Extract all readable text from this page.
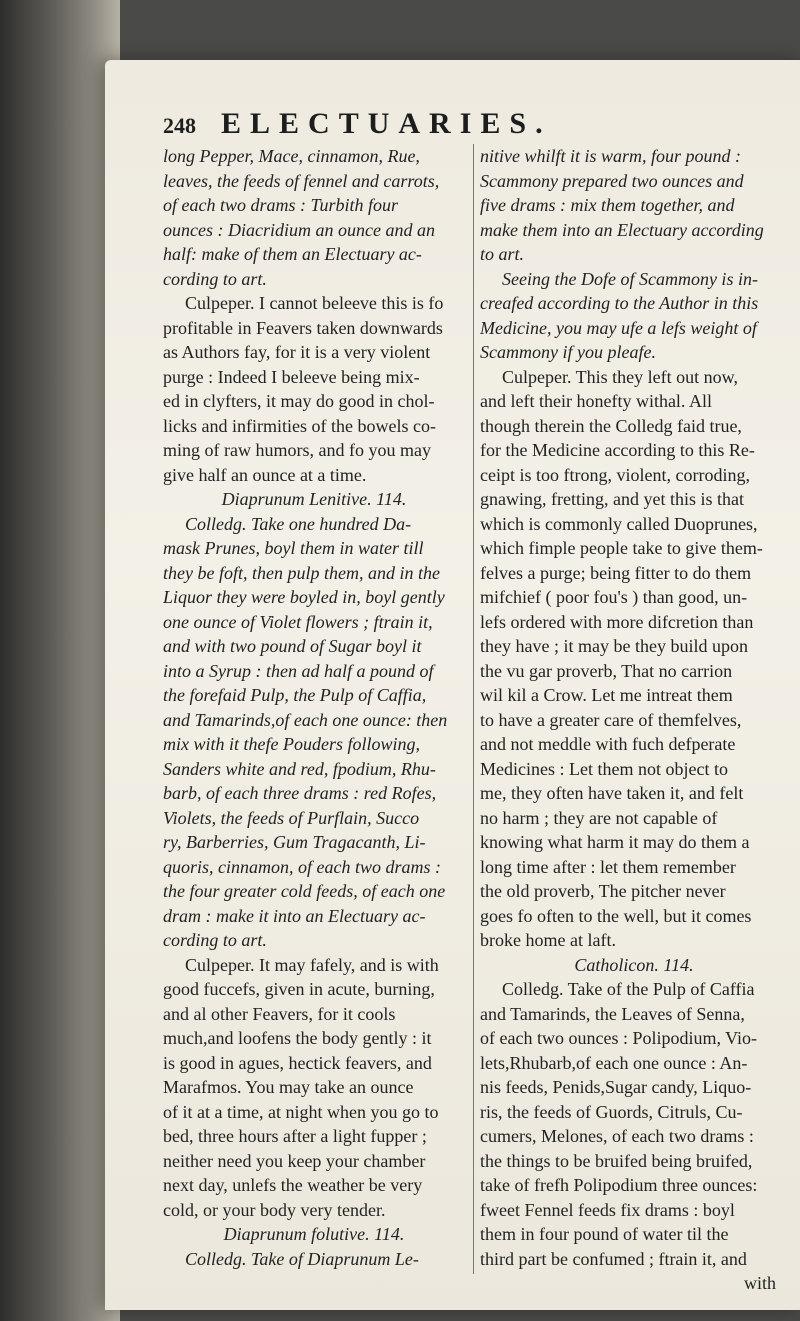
248 ELECTUARIES.

long Pepper, Mace, cinnamon, Rue,

leaves, the feeds of fennel and carrots,

of each two drams : Turbith four

ounces : Diacridium an ounce and an

half: make of them an Electuary ac-

cording to art.

Culpeper. I cannot beleeve this is fo

profitable in Feavers taken downwards

as Authors fay, for it is a very violent

purge : Indeed I beleeve being mix-

ed in clyfters, it may do good in chol-

licks and infirmities of the bowels co-

ming of raw humors, and fo you may

give half an ounce at a time.

Diaprunum Lenitive. 114.

Colledg. Take one hundred Da-

mask Prunes, boyl them in water till

they be foft, then pulp them, and in the

Liquor they were boyled in, boyl gently

one ounce of Violet flowers ; ftrain it,

and with two pound of Sugar boyl it

into a Syrup : then ad half a pound of

the forefaid Pulp, the Pulp of Caffia,

and Tamarinds,of each one ounce: then

mix with it thefe Pouders following,

Sanders white and red, fpodium, Rhu-

barb, of each three drams : red Rofes,

Violets, the feeds of Purflain, Succo

ry, Barberries, Gum Tragacanth, Li-

quoris, cinnamon, of each two drams :

the four greater cold feeds, of each one

dram : make it into an Electuary ac-

cording to art.

Culpeper. It may fafely, and is with

good fuccefs, given in acute, burning,

and al other Feavers, for it cools

much,and loofens the body gently : it

is good in agues, hectick feavers, and

Marafmos. You may take an ounce

of it at a time, at night when you go to

bed, three hours after a light fupper ;

neither need you keep your chamber

next day, unlefs the weather be very

cold, or your body very tender.

Diaprunum folutive. 114.

Colledg. Take of Diaprunum Le-

nitive whilft it is warm, four pound :

Scammony prepared two ounces and

five drams : mix them together, and

make them into an Electuary according

to art.

Seeing the Dofe of Scammony is in-

creafed according to the Author in this

Medicine, you may ufe a lefs weight of

Scammony if you pleafe.

Culpeper. This they left out now,

and left their honefty withal. All

though therein the Colledg faid true,

for the Medicine according to this Re-

ceipt is too ftrong, violent, corroding,

gnawing, fretting, and yet this is that

which is commonly called Duoprunes,

which fimple people take to give them-

felves a purge; being fitter to do them

mifchief ( poor fou's ) than good, un-

lefs ordered with more difcretion than

they have ; it may be they build upon

the vu gar proverb, That no carrion

wil kil a Crow. Let me intreat them

to have a greater care of themfelves,

and not meddle with fuch defperate

Medicines : Let them not object to

me, they often have taken it, and felt

no harm ; they are not capable of

knowing what harm it may do them a

long time after : let them remember

the old proverb, The pitcher never

goes fo often to the well, but it comes

broke home at laft.

Catholicon. 114.

Colledg. Take of the Pulp of Caffia

and Tamarinds, the Leaves of Senna,

of each two ounces : Polipodium, Vio-

lets,Rhubarb,of each one ounce : An-

nis feeds, Penids,Sugar candy, Liquo-

ris, the feeds of Guords, Citruls, Cu-

cumers, Melones, of each two drams :

the things to be bruifed being bruifed,

take of frefh Polipodium three ounces:

fweet Fennel feeds fix drams : boyl

them in four pound of water til the

third part be confumed ; ftrain it, and

with
